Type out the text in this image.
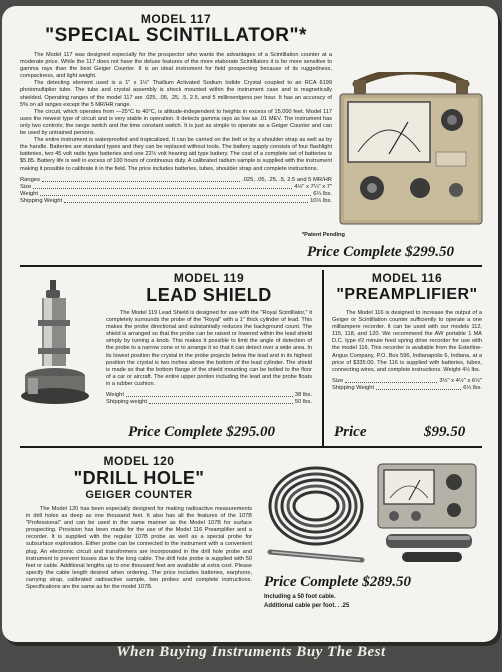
MODEL 117
"SPECIAL SCINTILLATOR"*

The Model 117 was designed especially for the prospector who wants the advantages of a Scintillation counter at a moderate price. While the 117 does not have the deluxe features of the more elaborate Scintillators it is far more sensitive to gamma rays than the best Geiger Counter. It is an ideal instrument for field prospecting because of its ruggedness, compactness, and light weight.

The detecting element used is a 1" x 1½" Thallium Activated Sodium Iodide Crystal coupled to an RCA 6199 photomultiplier tube. The tube and crystal assembly is shock mounted within the instrument case and is magnetically shielded. Operating ranges of the model 117 are .025, .05, .25, .5, 2.5, and 5 milliroentgens per hour. It has an accuracy of 5% on all ranges except the 5 MR/HR range.

The circuit, which operates from —25°C to 40°C, is altitude-independent to heights in excess of 15,000 feet. Model 117 uses the newest type of circuit and is very stable in operation. It detects gamma rays as low as .01 MEV. The instrument has only two controls; the range switch and the time constant switch. It is just as simple to operate as a Geiger Counter and can be used by untrained persons.

The entire instrument is waterproofed and tropicalized. It can be carried on the belt or by a shoulder strap as well as by the handle. Batteries are standard types and they can be replaced without tools. The battery supply consists of four flashlight batteries, two 45 volt radio type batteries and one 22½ volt hearing aid type battery. The cost of a complete set of batteries is $5.85. Battery life is well in excess of 100 hours of continuous duty. A calibrated radium sample is supplied with the instrument making it possible to calibrate it in the field. The price includes batteries, tubes, shoulder strap and complete instructions.

Ranges	.025, .05, .25, .5, 2.5 and 5 MR/HR
Size	4½" x 7¼" x 7"
Weight	6¼ lbs.
Shipping Weight	10½ lbs.
*Patent Pending
Price Complete $299.50
MODEL 119
LEAD SHIELD

The Model 119 Lead Shield is designed for use with the "Royal Scintillator," it completely surrounds the probe of the "Royal" with a 1" thick cylinder of lead. This makes the probe directional and substantially reduces the background count. The shield is arranged so that the probe can be raised or lowered within the lead shield simply by turning a knob. This makes it possible to limit the angle of detection of the probe to a narrow cone or to arrange it so that it can detect over a wide area. In its lowest position the crystal in the probe projects below the lead and in its highest position the crystal is two inches above the bottom of the lead cylinder. The shield is made so that the bottom flange of the shield mounting can be bolted to the floor of a car or aircraft. The entire upper portion including the lead and the probe floats in a rubber cushion.

Weight	38 lbs.
Shipping weight	50 lbs.
Price Complete $295.00
MODEL 116
"PREAMPLIFIER"

The Model 116 is designed to increase the output of a Geiger or Scintillation counter sufficiently to operate a one milliampere recorder. It can be used with our models 112, 115, 118, and 120. We recommend the AW portable 1 MA D.C. type #2 minute feed spring drive recorder for use with the model 116. This recorder is available from the Esterline-Angus Company, P.O. Box 596, Indianapolis 6, Indiana, at a price of $335.00. The 116 is supplied with batteries, tubes, connecting wires, and complete instructions. Weight 4½ lbs.

Size	3½" x 4½" x 6½"
Shipping Weight	6½ lbs.
Price	$99.50
MODEL 120
"DRILL HOLE"
GEIGER COUNTER

The Model 120 has been especially designed for making radioactive measurements in drill holes as deep as one thousand feet. It also has all the features of the 107B "Professional" and can be used in the same manner as the Model 107B for surface prospecting. Provision has been made for the use of the Model 116 Preamplifier and a recorder. It is supplied with the regular 107B probe as well as a special probe for subsurface exploration. Either probe can be connected to the instrument with a convenient plug. An electronic circuit and transformers are incorporated in the drill hole probe and instrument to prevent losses due to the long cable. The drill hole probe is supplied with 50 feet or cable. Additional lengths up to one thousand feet are available at extra cost. Please specify the cable length desired when ordering. The price includes batteries, earphone, carrying strap, calibrated radioactive sample, two probes and complete instructions. Specifications are the same as for the model 107B.	Price Complete $289.50
Including a 50 foot cable.
Additional cable per foot. . .25
When Buying Instruments Buy The Best
